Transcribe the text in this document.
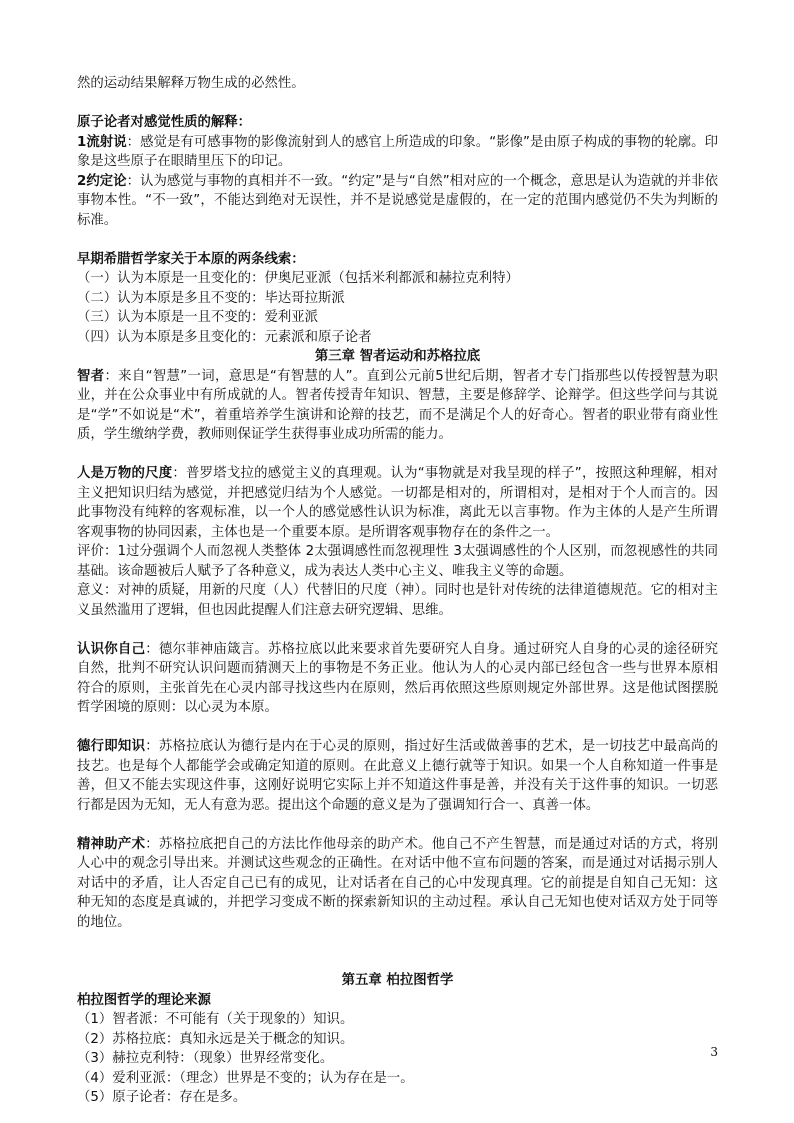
然的运动结果解释万物生成的必然性。

原子论者对感觉性质的解释：

1流射说：感觉是有可感事物的影像流射到人的感官上所造成的印象。“影像”是由原子构成的事物的轮廓。印象是这些原子在眼睛里压下的印记。

2约定论：认为感觉与事物的真相并不一致。“约定”是与“自然”相对应的一个概念，意思是认为造就的并非依事物本性。“不一致”，不能达到绝对无误性，并不是说感觉是虚假的，在一定的范围内感觉仍不失为判断的标准。

早期希腊哲学家关于本原的两条线索：

（一）认为本原是一且变化的：伊奥尼亚派（包括米利都派和赫拉克利特）
（二）认为本原是多且不变的：毕达哥拉斯派
（三）认为本原是一且不变的：爱利亚派
（四）认为本原是多且变化的：元素派和原子论者

第三章 智者运动和苏格拉底

智者：来自“智慧”一词，意思是“有智慧的人”。直到公元前5世纪后期，智者才专门指那些以传授智慧为职业，并在公众事业中有所成就的人。智者传授青年知识、智慧，主要是修辞学、论辩学。但这些学问与其说是“学”不如说是“术”，着重培养学生演讲和论辩的技艺，而不是满足个人的好奇心。智者的职业带有商业性质，学生缴纳学费，教师则保证学生获得事业成功所需的能力。

人是万物的尺度：普罗塔戈拉的感觉主义的真理观。认为“事物就是对我呈现的样子”，按照这种理解，相对主义把知识归结为感觉，并把感觉归结为个人感觉。一切都是相对的，所谓相对，是相对于个人而言的。因此事物没有纯粹的客观标准，以一个人的感觉感性认识为标准，离此无以言事物。作为主体的人是产生所谓客观事物的协同因素，主体也是一个重要本原。是所谓客观事物存在的条件之一。

评价：1过分强调个人而忽视人类整体 2太强调感性而忽视理性 3太强调感性的个人区别，而忽视感性的共同基础。该命题被后人赋予了各种意义，成为表达人类中心主义、唯我主义等的命题。

意义：对神的质疑，用新的尺度（人）代替旧的尺度（神）。同时也是针对传统的法律道德规范。它的相对主义虽然滥用了逻辑，但也因此提醒人们注意去研究逻辑、思维。

认识你自己：德尔菲神庙箴言。苏格拉底以此来要求首先要研究人自身。通过研究人自身的心灵的途径研究自然，批判不研究认识问题而猜测天上的事物是不务正业。他认为人的心灵内部已经包含一些与世界本原相符合的原则，主张首先在心灵内部寻找这些内在原则，然后再依照这些原则规定外部世界。这是他试图摆脱哲学困境的原则：以心灵为本原。

德行即知识：苏格拉底认为德行是内在于心灵的原则，指过好生活或做善事的艺术，是一切技艺中最高尚的技艺。也是每个人都能学会或确定知道的原则。在此意义上德行就等于知识。如果一个人自称知道一件事是善，但又不能去实现这件事，这刚好说明它实际上并不知道这件事是善，并没有关于这件事的知识。一切恶行都是因为无知，无人有意为恶。提出这个命题的意义是为了强调知行合一、真善一体。

精神助产术：苏格拉底把自己的方法比作他母亲的助产术。他自己不产生智慧，而是通过对话的方式，将别人心中的观念引导出来。并测试这些观念的正确性。在对话中他不宣布问题的答案，而是通过对话揭示别人对话中的矛盾，让人否定自己已有的成见，让对话者在自己的心中发现真理。它的前提是自知自己无知：这种无知的态度是真诚的，并把学习变成不断的探索新知识的主动过程。承认自己无知也使对话双方处于同等的地位。

第五章 柏拉图哲学

柏拉图哲学的理论来源

（1）智者派：不可能有（关于现象的）知识。
（2）苏格拉底：真知永远是关于概念的知识。
（3）赫拉克利特：（现象）世界经常变化。
（4）爱利亚派：（理念）世界是不变的；认为存在是一。
（5）原子论者：存在是多。
3
